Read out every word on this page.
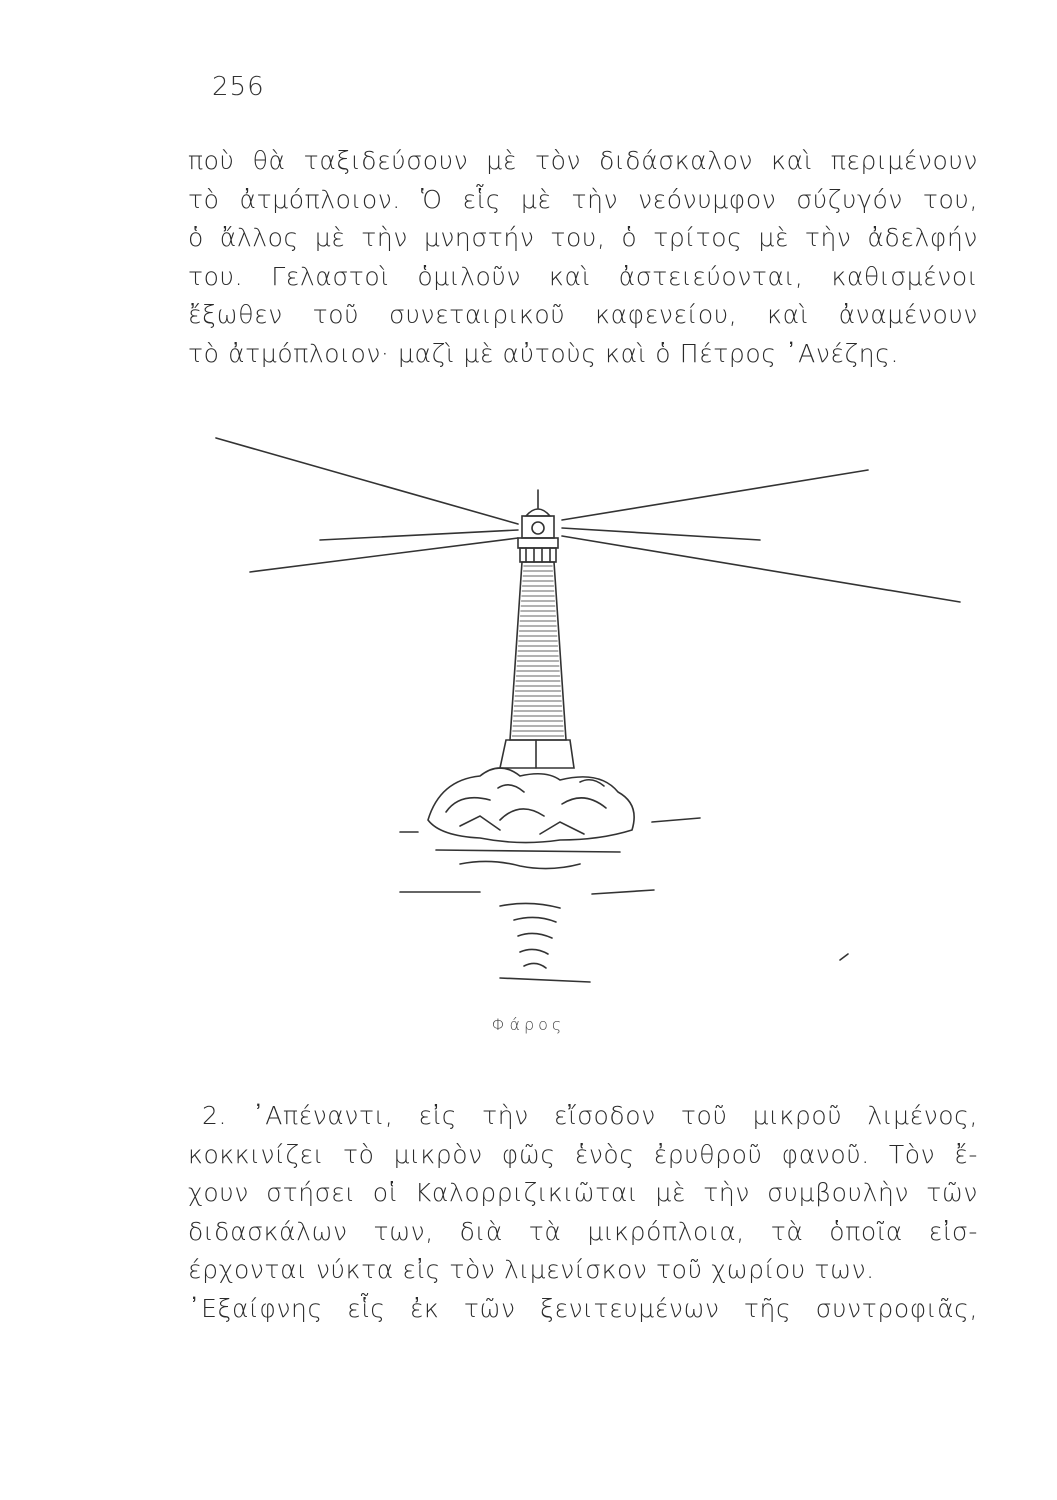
256
ποὺ θὰ ταξιδεύσουν μὲ τὸν διδάσκαλον καὶ περιμένουν
τὸ ἀτμόπλοιον. Ὁ εἷς μὲ τὴν νεόνυμφον σύζυγόν του,
ὁ ἄλλος μὲ τὴν μνηστήν του, ὁ τρίτος μὲ τὴν ἀδελφήν
του. Γελαστοὶ ὁμιλοῦν καὶ ἀστειεύονται, καθισμένοι
ἔξωθεν τοῦ συνεταιρικοῦ καφενείου, καὶ ἀναμένουν
τὸ ἀτμόπλοιον· μαζὶ μὲ αὐτοὺς καὶ ὁ Πέτρος ᾽Ανέζης.
Φάρος
2. ᾽Απέναντι, εἰς τὴν εἴσοδον τοῦ μικροῦ λιμένος,
κοκκινίζει τὸ μικρὸν φῶς ἑνὸς ἐρυθροῦ φανοῦ. Τὸν ἔ-
χουν στήσει οἱ Καλορριζικιῶται μὲ τὴν συμβουλὴν τῶν
διδασκάλων των, διὰ τὰ μικρόπλοια, τὰ ὁποῖα εἰσ-
έρχονται νύκτα εἰς τὸν λιμενίσκον τοῦ χωρίου των.
᾽Εξαίφνης εἷς ἐκ τῶν ξενιτευμένων τῆς συντροφιᾶς,
